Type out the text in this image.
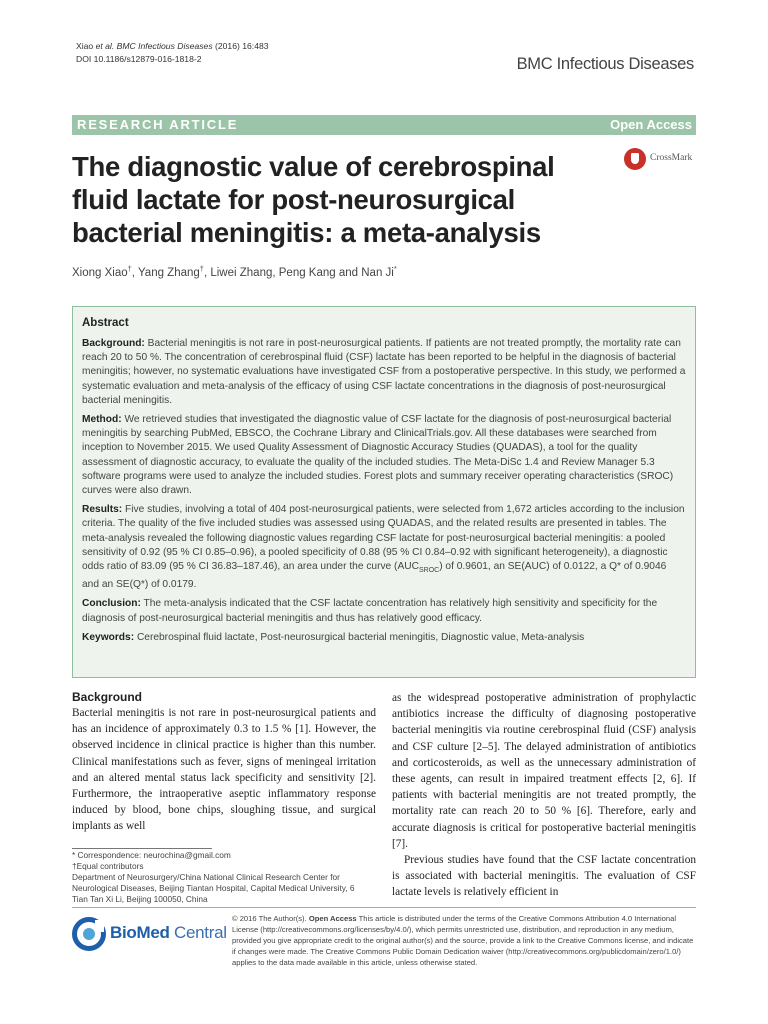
Xiao et al. BMC Infectious Diseases (2016) 16:483
DOI 10.1186/s12879-016-1818-2	BMC Infectious Diseases
RESEARCH ARTICLE	Open Access
The diagnostic value of cerebrospinal fluid lactate for post-neurosurgical bacterial meningitis: a meta-analysis
CrossMark
Xiong Xiao†, Yang Zhang†, Liwei Zhang, Peng Kang and Nan Ji*
Abstract

Background: Bacterial meningitis is not rare in post-neurosurgical patients. If patients are not treated promptly, the mortality rate can reach 20 to 50 %. The concentration of cerebrospinal fluid (CSF) lactate has been reported to be helpful in the diagnosis of bacterial meningitis; however, no systematic evaluations have investigated CSF from a postoperative perspective. In this study, we performed a systematic evaluation and meta-analysis of the efficacy of using CSF lactate concentrations in the diagnosis of post-neurosurgical bacterial meningitis.

Method: We retrieved studies that investigated the diagnostic value of CSF lactate for the diagnosis of post-neurosurgical bacterial meningitis by searching PubMed, EBSCO, the Cochrane Library and ClinicalTrials.gov. All these databases were searched from inception to November 2015. We used Quality Assessment of Diagnostic Accuracy Studies (QUADAS), a tool for the quality assessment of diagnostic accuracy, to evaluate the quality of the included studies. The Meta-DiSc 1.4 and Review Manager 5.3 software programs were used to analyze the included studies. Forest plots and summary receiver operating characteristics (SROC) curves were also drawn.

Results: Five studies, involving a total of 404 post-neurosurgical patients, were selected from 1,672 articles according to the inclusion criteria. The quality of the five included studies was assessed using QUADAS, and the related results are presented in tables. The meta-analysis revealed the following diagnostic values regarding CSF lactate for post-neurosurgical bacterial meningitis: a pooled sensitivity of 0.92 (95 % CI 0.85–0.96), a pooled specificity of 0.88 (95 % CI 0.84–0.92 with significant heterogeneity), a diagnostic odds ratio of 83.09 (95 % CI 36.83–187.46), an area under the curve $(AUC_{SROC})$ of 0.9601, an SE(AUC) of 0.0122, a Q* of 0.9046 and an SE(Q*) of 0.0179.

Conclusion: The meta-analysis indicated that the CSF lactate concentration has relatively high sensitivity and specificity for the diagnosis of post-neurosurgical bacterial meningitis and thus has relatively good efficacy.

Keywords: Cerebrospinal fluid lactate, Post-neurosurgical bacterial meningitis, Diagnostic value, Meta-analysis

Background

Bacterial meningitis is not rare in post-neurosurgical patients and has an incidence of approximately 0.3 to 1.5 % [1]. However, the observed incidence in clinical practice is higher than this number. Clinical manifestations such as fever, signs of meningeal irritation and an altered mental status lack specificity and sensitivity [2]. Furthermore, the intraoperative aseptic inflammatory response induced by blood, bone chips, sloughing tissue, and surgical implants as well

as the widespread postoperative administration of prophylactic antibiotics increase the difficulty of diagnosing postoperative bacterial meningitis via routine cerebrospinal fluid (CSF) analysis and CSF culture [2–5]. The delayed administration of antibiotics and corticosteroids, as well as the unnecessary administration of these agents, can result in impaired treatment effects [2, 6]. If patients with bacterial meningitis are not treated promptly, the mortality rate can reach 20 to 50 % [6]. Therefore, early and accurate diagnosis is critical for postoperative bacterial meningitis [7].

Previous studies have found that the CSF lactate concentration is associated with bacterial meningitis. The evaluation of CSF lactate levels is relatively efficient in

* Correspondence: neurochina@gmail.com
†Equal contributors
Department of Neurosurgery/China National Clinical Research Center for Neurological Diseases, Beijing Tiantan Hospital, Capital Medical University, 6 Tian Tan Xi Li, Beijing 100050, China
BioMed Central
© 2016 The Author(s). Open Access This article is distributed under the terms of the Creative Commons Attribution 4.0 International License (http://creativecommons.org/licenses/by/4.0/), which permits unrestricted use, distribution, and reproduction in any medium, provided you give appropriate credit to the original author(s) and the source, provide a link to the Creative Commons license, and indicate if changes were made. The Creative Commons Public Domain Dedication waiver (http://creativecommons.org/publicdomain/zero/1.0/) applies to the data made available in this article, unless otherwise stated.
